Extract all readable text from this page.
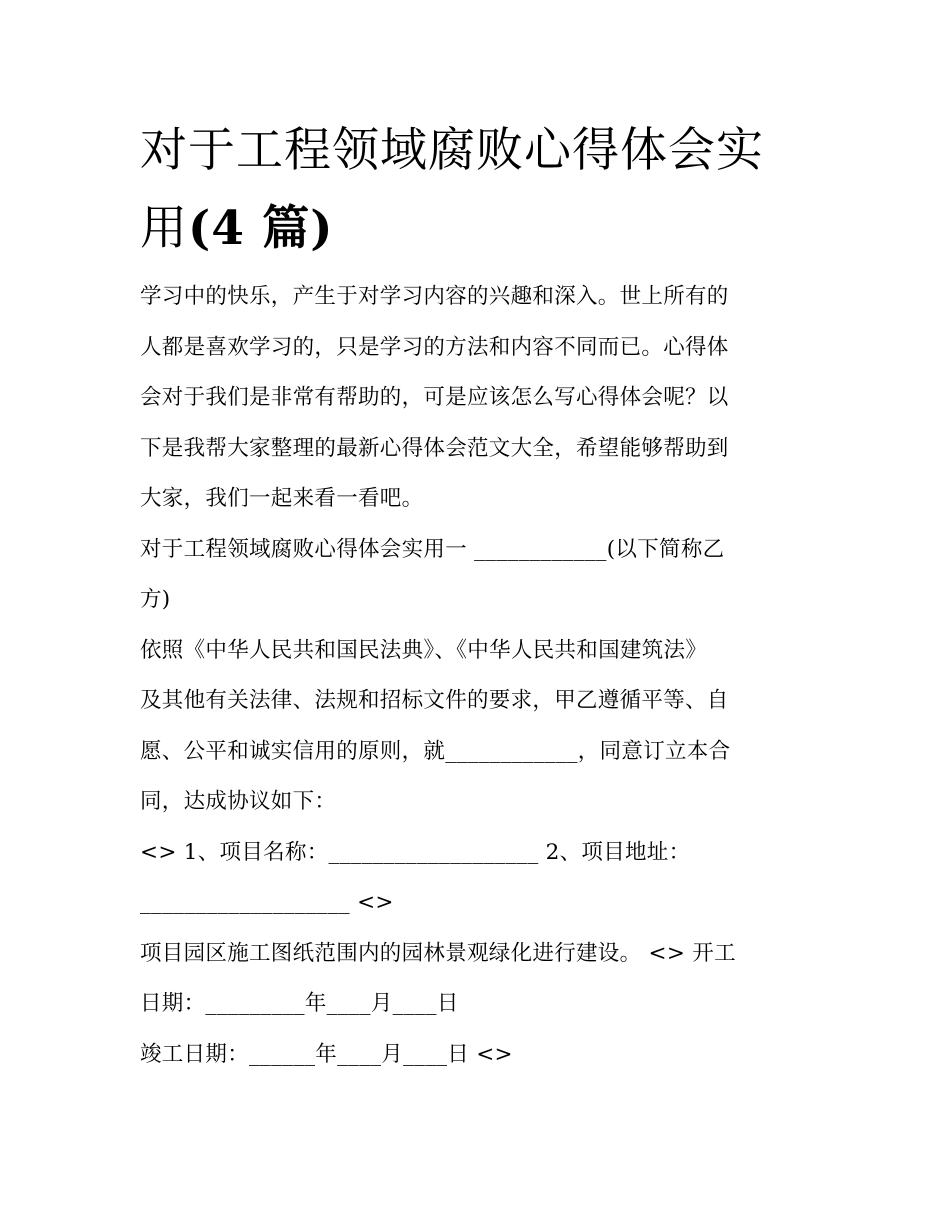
对于工程领域腐败心得体会实
用(4 篇)

学习中的快乐，产生于对学习内容的兴趣和深入。世上所有的
人都是喜欢学习的，只是学习的方法和内容不同而已。心得体
会对于我们是非常有帮助的，可是应该怎么写心得体会呢？以
下是我帮大家整理的最新心得体会范文大全，希望能够帮助到
大家，我们一起来看一看吧。

对于工程领域腐败心得体会实用一 ____________(以下简称乙
方)

依照《中华人民共和国民法典》、《中华人民共和国建筑法》
及其他有关法律、法规和招标文件的要求，甲乙遵循平等、自
愿、公平和诚实信用的原则，就____________，同意订立本合
同，达成协议如下：

<> 1、项目名称：___________________ 2、项目地址：
___________________ <>

项目园区施工图纸范围内的园林景观绿化进行建设。 <> 开工
日期：_________年____月____日

竣工日期：______年____月____日 <>
